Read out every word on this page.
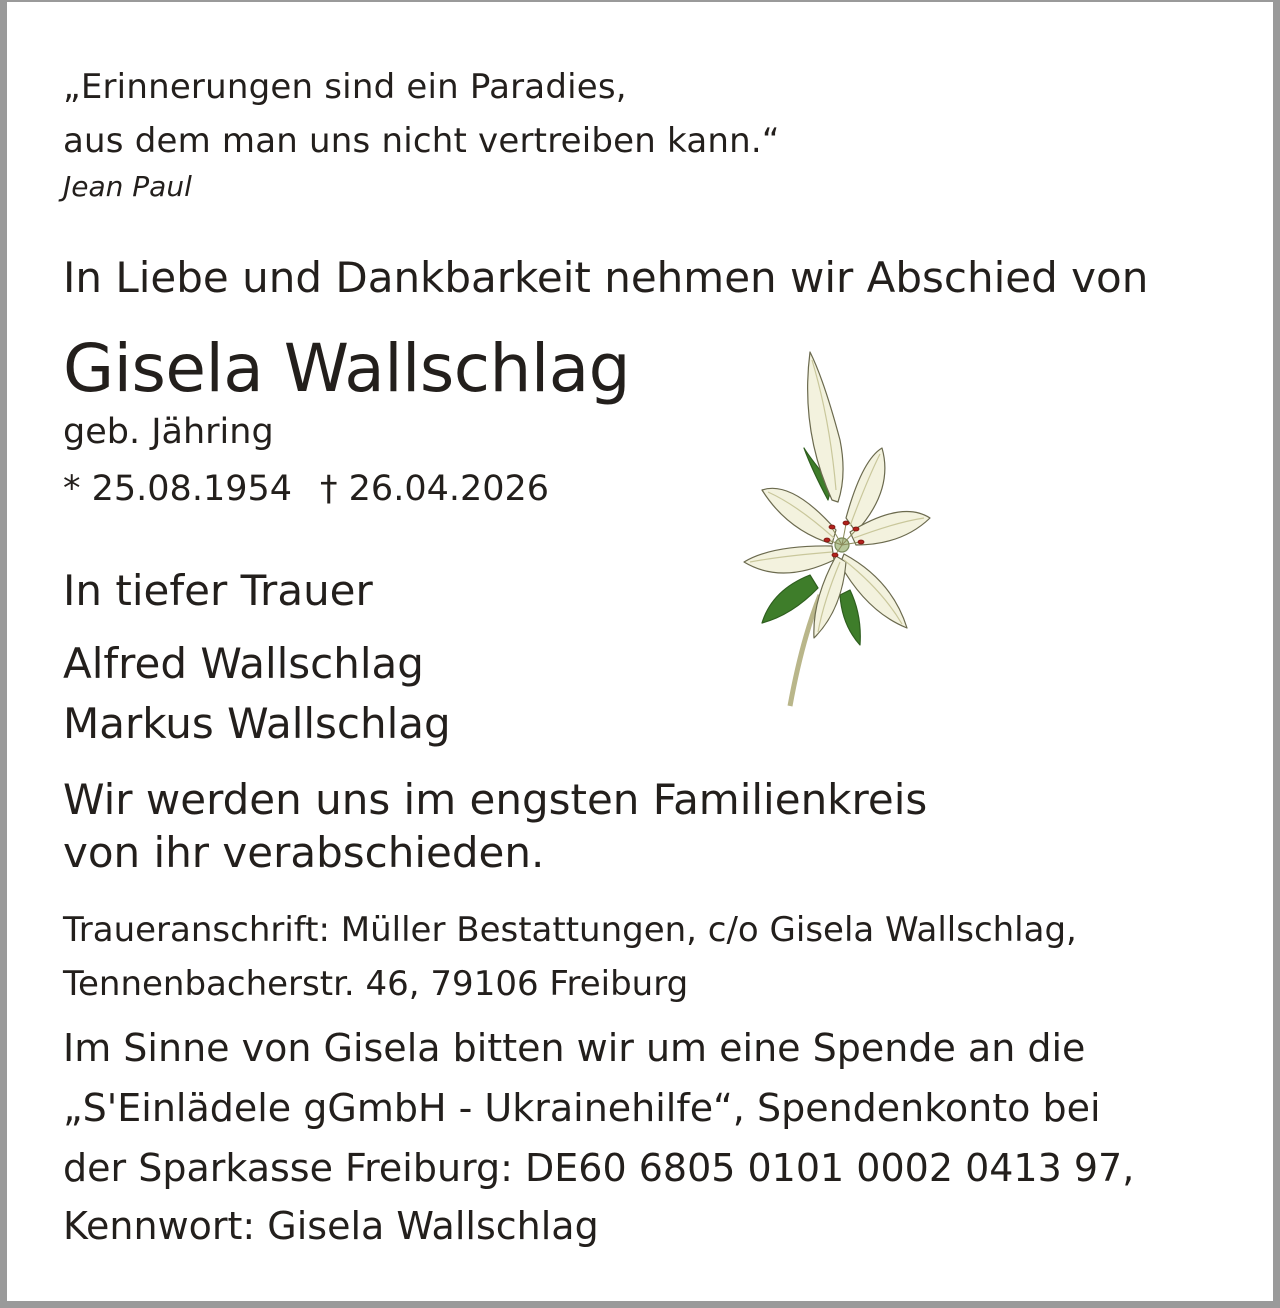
„Erinnerungen sind ein Paradies,

aus dem man uns nicht vertreiben kann.“

Jean Paul

In Liebe und Dankbarkeit nehmen wir Abschied von

Gisela Wallschlag

geb. Jähring

* 25.08.1954 † 26.04.2026

In tiefer Trauer

Alfred Wallschlag

Markus Wallschlag

Wir werden uns im engsten Familienkreis

von ihr verabschieden.

Traueranschrift: Müller Bestattungen, c/o Gisela Wallschlag,

Tennenbacherstr. 46, 79106 Freiburg

Im Sinne von Gisela bitten wir um eine Spende an die

„S'Einlädele gGmbH - Ukrainehilfe“, Spendenkonto bei

der Sparkasse Freiburg: DE60 6805 0101 0002 0413 97,

Kennwort: Gisela Wallschlag
